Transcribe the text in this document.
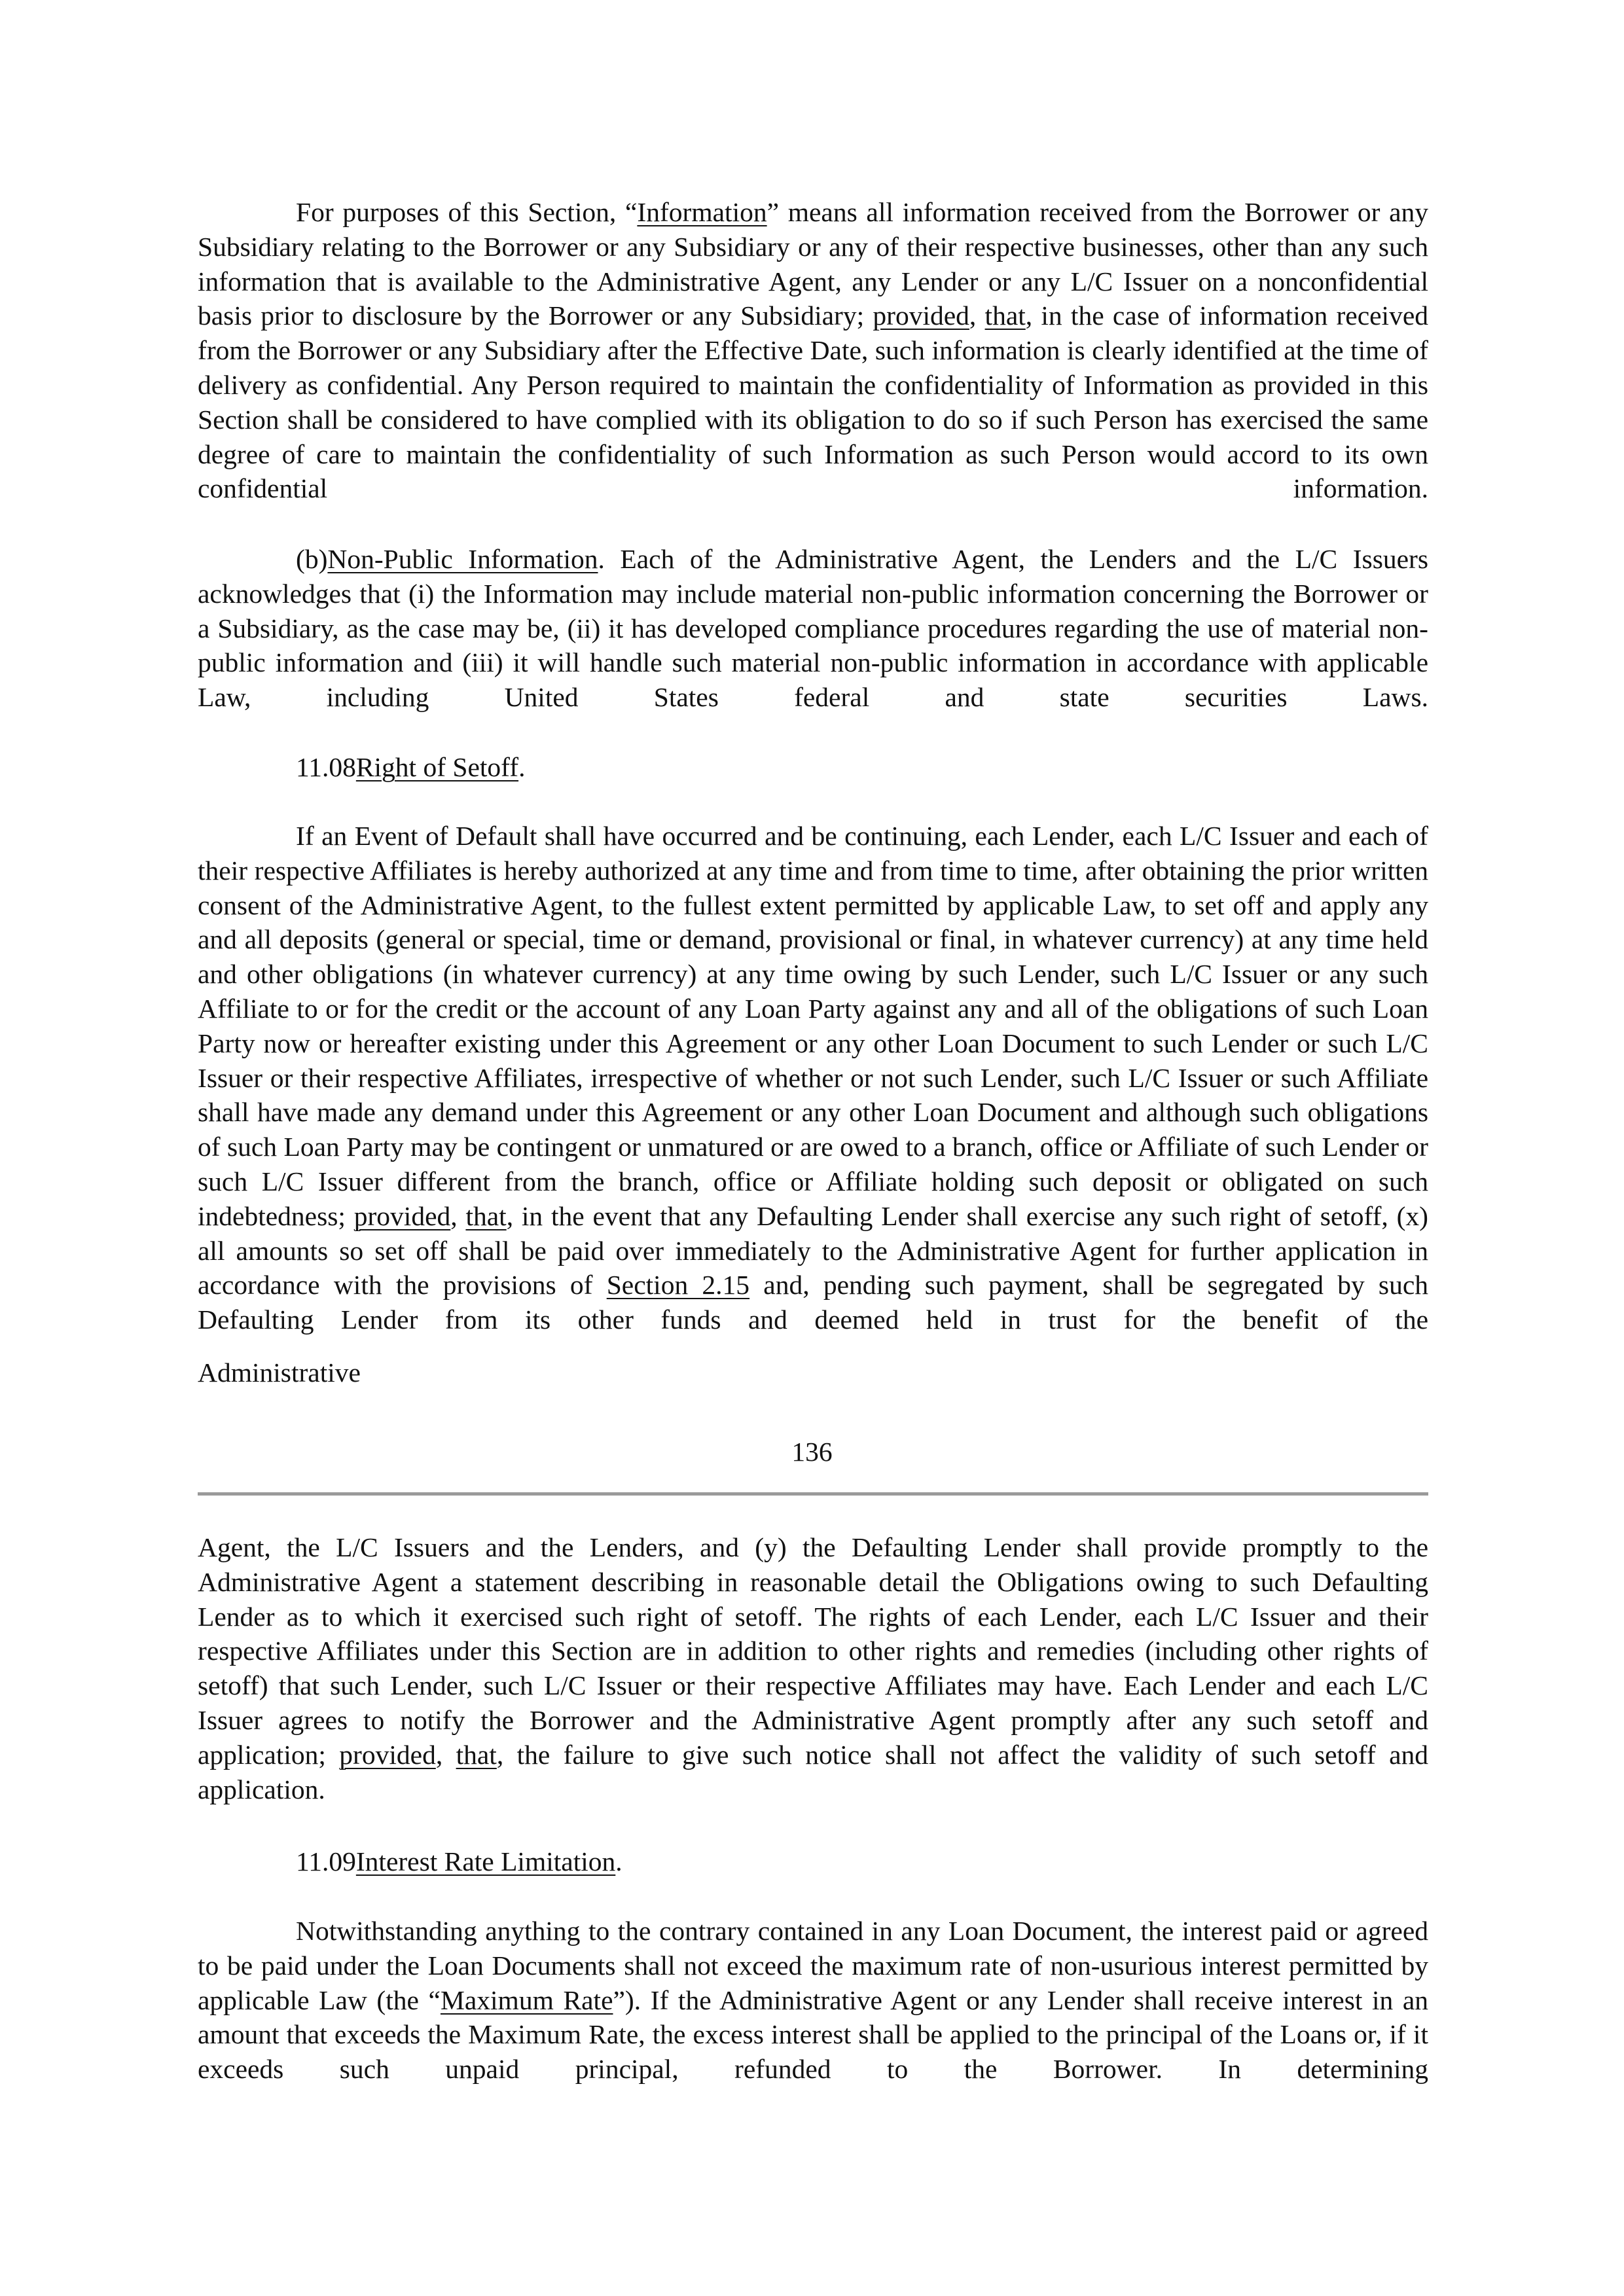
For purposes of this Section, “Information” means all information received from the Borrower or any Subsidiary relating to the Borrower or any Subsidiary or any of their respective businesses, other than any such information that is available to the Administrative Agent, any Lender or any L/C Issuer on a nonconfidential basis prior to disclosure by the Borrower or any Subsidiary; provided, that, in the case of information received from the Borrower or any Subsidiary after the Effective Date, such information is clearly identified at the time of delivery as confidential. Any Person required to maintain the confidentiality of Information as provided in this Section shall be considered to have complied with its obligation to do so if such Person has exercised the same degree of care to maintain the confidentiality of such Information as such Person would accord to its own confidential information.
(b)Non-Public Information. Each of the Administrative Agent, the Lenders and the L/C Issuers acknowledges that (i) the Information may include material non-public information concerning the Borrower or a Subsidiary, as the case may be, (ii) it has developed compliance procedures regarding the use of material non-public information and (iii) it will handle such material non-public information in accordance with applicable Law, including United States federal and state securities Laws.
11.08Right of Setoff.
If an Event of Default shall have occurred and be continuing, each Lender, each L/C Issuer and each of their respective Affiliates is hereby authorized at any time and from time to time, after obtaining the prior written consent of the Administrative Agent, to the fullest extent permitted by applicable Law, to set off and apply any and all deposits (general or special, time or demand, provisional or final, in whatever currency) at any time held and other obligations (in whatever currency) at any time owing by such Lender, such L/C Issuer or any such Affiliate to or for the credit or the account of any Loan Party against any and all of the obligations of such Loan Party now or hereafter existing under this Agreement or any other Loan Document to such Lender or such L/C Issuer or their respective Affiliates, irrespective of whether or not such Lender, such L/C Issuer or such Affiliate shall have made any demand under this Agreement or any other Loan Document and although such obligations of such Loan Party may be contingent or unmatured or are owed to a branch, office or Affiliate of such Lender or such L/C Issuer different from the branch, office or Affiliate holding such deposit or obligated on such indebtedness; provided, that, in the event that any Defaulting Lender shall exercise any such right of setoff, (x) all amounts so set off shall be paid over immediately to the Administrative Agent for further application in accordance with the provisions of Section 2.15 and, pending such payment, shall be segregated by such Defaulting Lender from its other funds and deemed held in trust for the benefit of the
Administrative
136
Agent, the L/C Issuers and the Lenders, and (y) the Defaulting Lender shall provide promptly to the Administrative Agent a statement describing in reasonable detail the Obligations owing to such Defaulting Lender as to which it exercised such right of setoff. The rights of each Lender, each L/C Issuer and their respective Affiliates under this Section are in addition to other rights and remedies (including other rights of setoff) that such Lender, such L/C Issuer or their respective Affiliates may have. Each Lender and each L/C Issuer agrees to notify the Borrower and the Administrative Agent promptly after any such setoff and application; provided, that, the failure to give such notice shall not affect the validity of such setoff and application.
11.09Interest Rate Limitation.
Notwithstanding anything to the contrary contained in any Loan Document, the interest paid or agreed to be paid under the Loan Documents shall not exceed the maximum rate of non-usurious interest permitted by applicable Law (the “Maximum Rate”). If the Administrative Agent or any Lender shall receive interest in an amount that exceeds the Maximum Rate, the excess interest shall be applied to the principal of the Loans or, if it exceeds such unpaid principal, refunded to the Borrower. In determining
